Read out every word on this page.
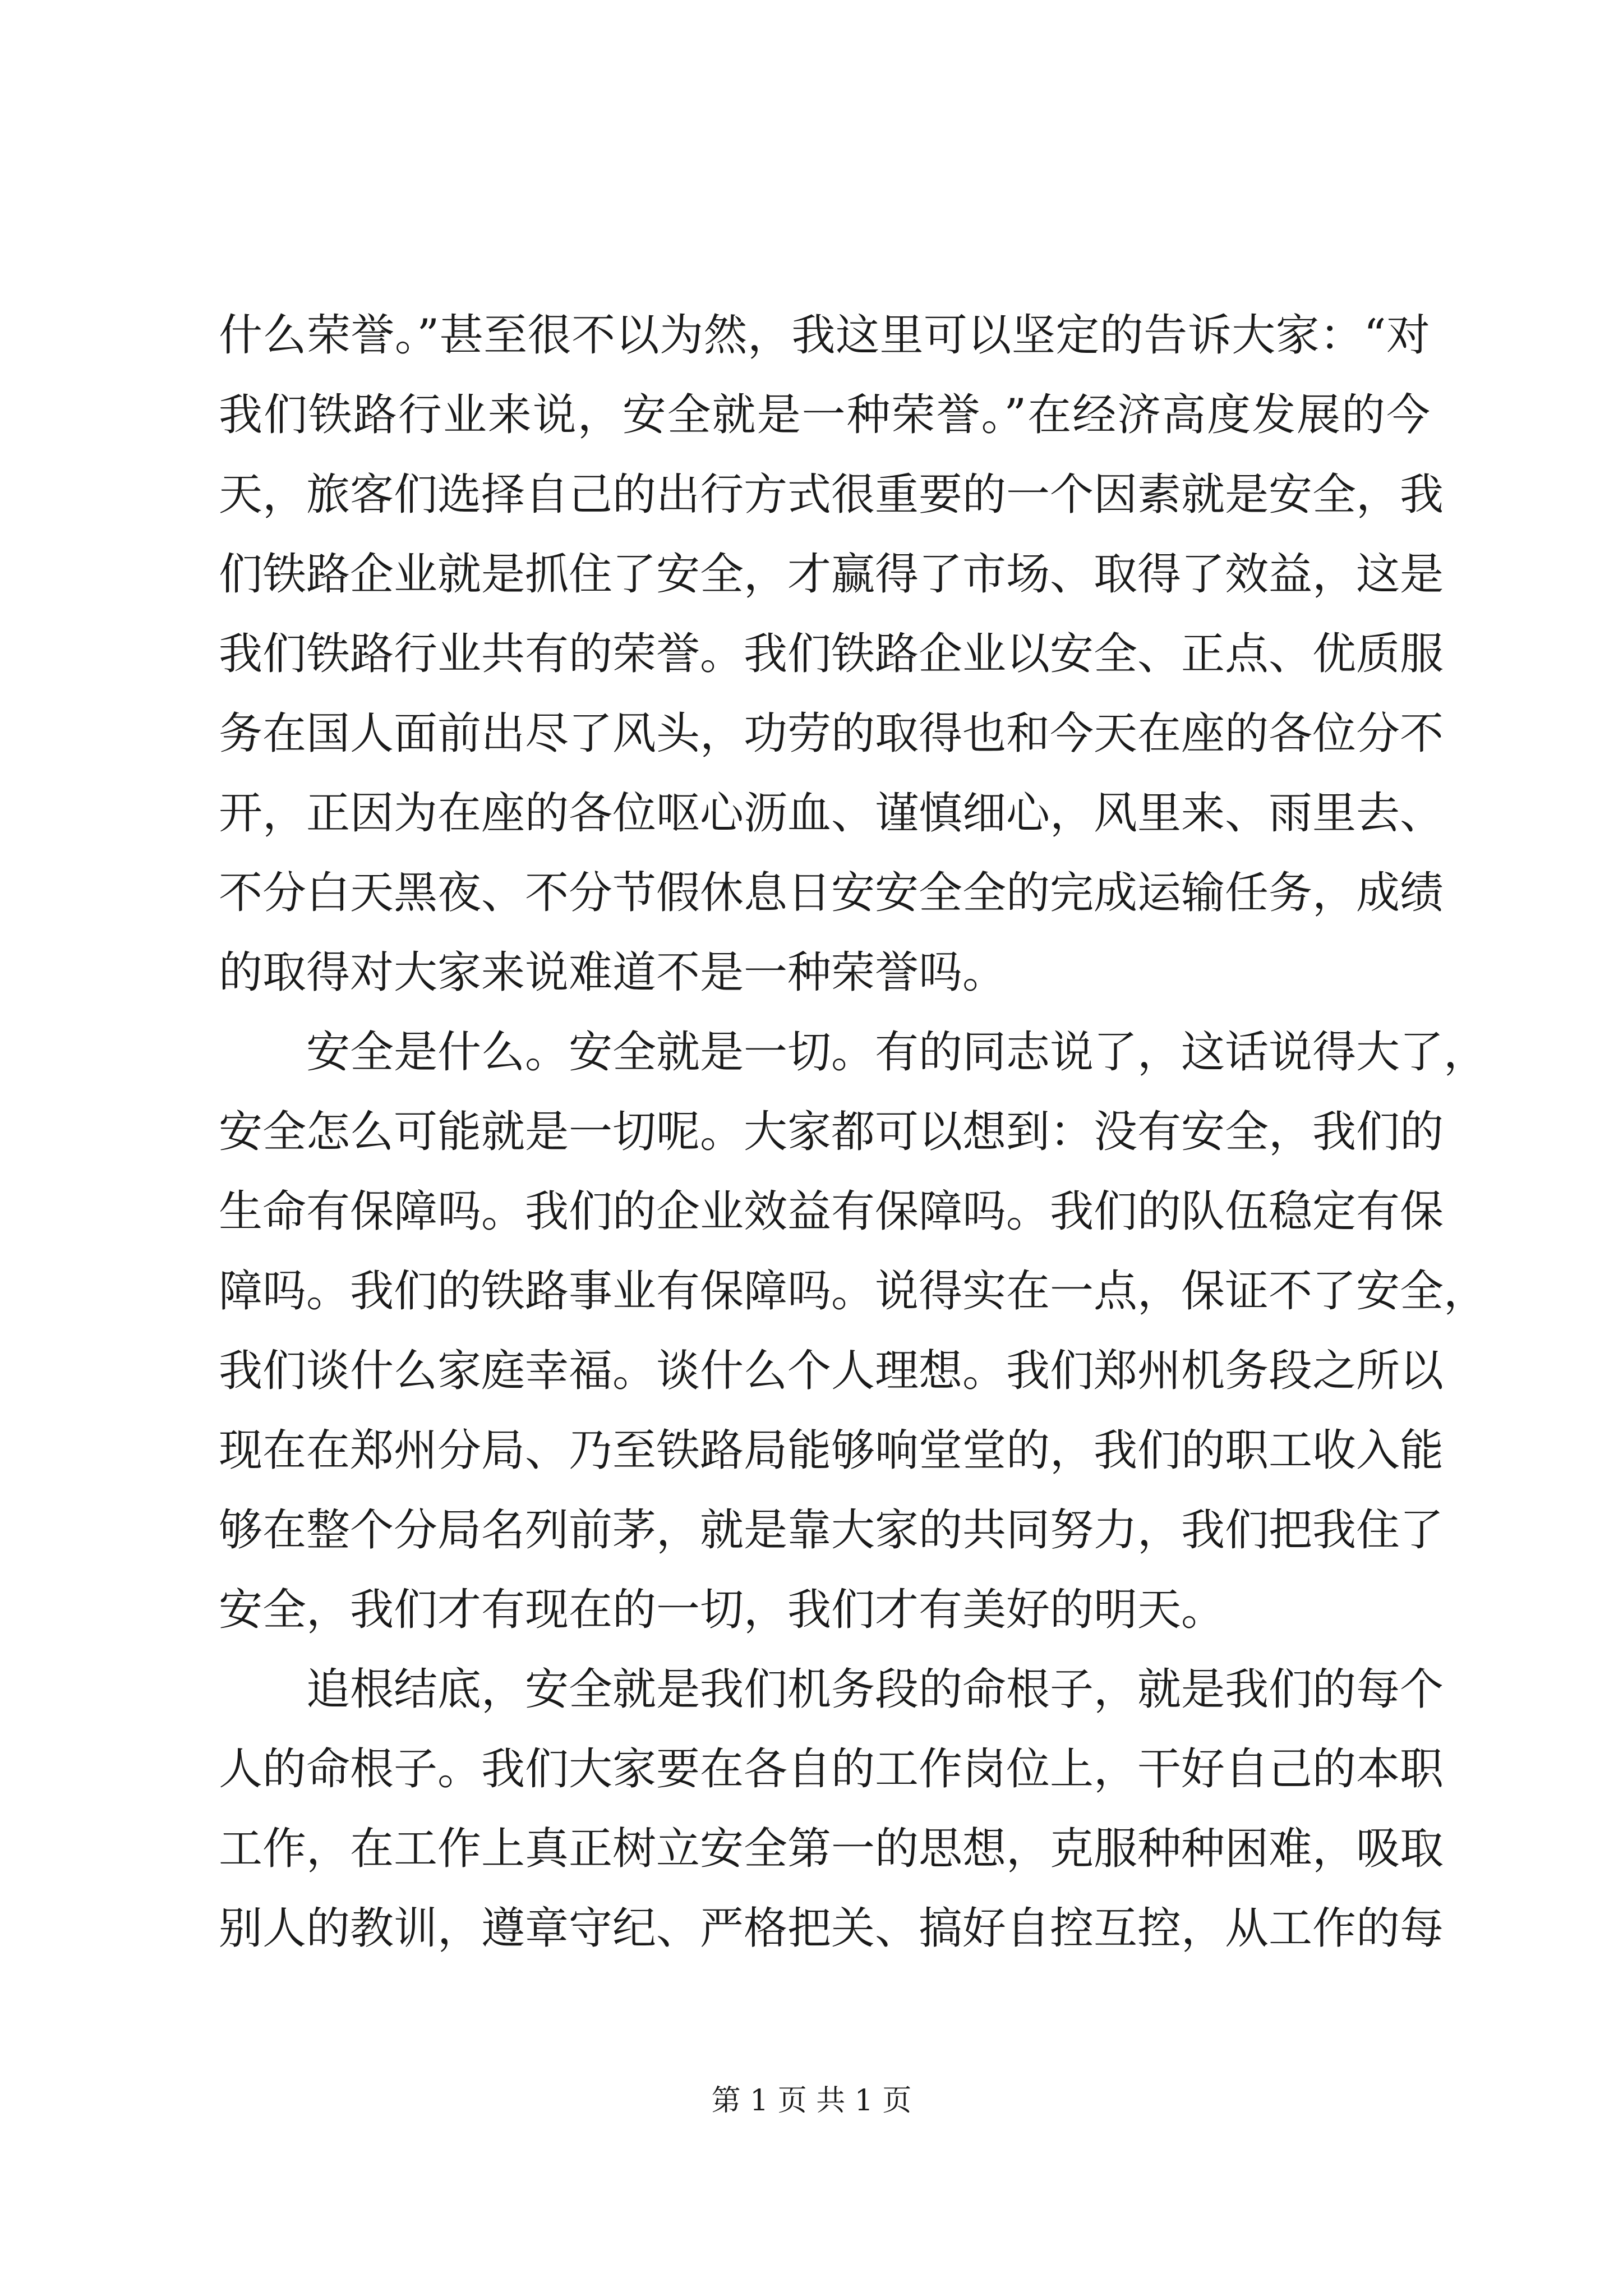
什么荣誉。”甚至很不以为然，我这里可以坚定的告诉大家：“对
我们铁路行业来说，安全就是一种荣誉。”在经济高度发展的今
天，旅客们选择自己的出行方式很重要的一个因素就是安全，我
们铁路企业就是抓住了安全，才赢得了市场、取得了效益，这是
我们铁路行业共有的荣誉。我们铁路企业以安全、正点、优质服
务在国人面前出尽了风头，功劳的取得也和今天在座的各位分不
开，正因为在座的各位呕心沥血、谨慎细心，风里来、雨里去、
不分白天黑夜、不分节假休息日安安全全的完成运输任务，成绩
的取得对大家来说难道不是一种荣誉吗。
安全是什么。安全就是一切。有的同志说了，这话说得大了，
安全怎么可能就是一切呢。大家都可以想到：没有安全，我们的
生命有保障吗。我们的企业效益有保障吗。我们的队伍稳定有保
障吗。我们的铁路事业有保障吗。说得实在一点，保证不了安全，
我们谈什么家庭幸福。谈什么个人理想。我们郑州机务段之所以
现在在郑州分局、乃至铁路局能够响堂堂的，我们的职工收入能
够在整个分局名列前茅，就是靠大家的共同努力，我们把我住了
安全，我们才有现在的一切，我们才有美好的明天。
追根结底，安全就是我们机务段的命根子，就是我们的每个
人的命根子。我们大家要在各自的工作岗位上，干好自己的本职
工作，在工作上真正树立安全第一的思想，克服种种困难，吸取
别人的教训，遵章守纪、严格把关、搞好自控互控，从工作的每
第 1 页 共 1 页
